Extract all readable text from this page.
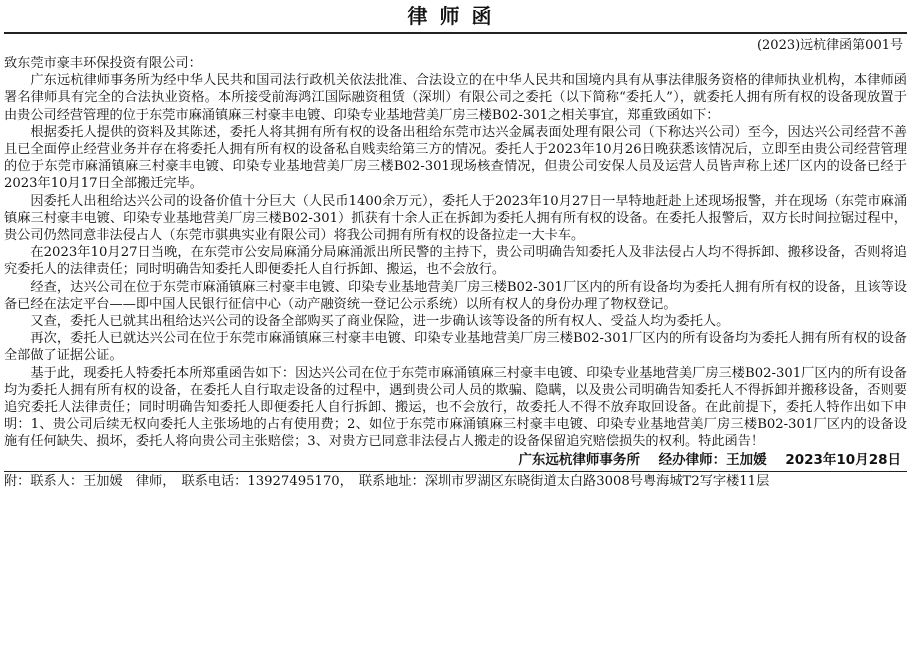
律师函
(2023)远杭律函第001号

致东莞市豪丰环保投资有限公司：

广东远杭律师事务所为经中华人民共和国司法行政机关依法批准、合法设立的在中华人民共和国境内具有从事法律服务资格的律师执业机构，本律师函署名律师具有完全的合法执业资格。本所接受前海鸿江国际融资租赁（深圳）有限公司之委托（以下简称“委托人”），就委托人拥有所有权的设备现放置于由贵公司经营管理的位于东莞市麻涌镇麻三村豪丰电镀、印染专业基地营美厂房三楼B02-301之相关事宜，郑重致函如下：

根据委托人提供的资料及其陈述，委托人将其拥有所有权的设备出租给东莞市达兴金属表面处理有限公司（下称达兴公司）至今，因达兴公司经营不善且已全面停止经营业务并存在将委托人拥有所有权的设备私自贱卖给第三方的情况。委托人于2023年10月26日晚获悉该情况后，立即至由贵公司经营管理的位于东莞市麻涌镇麻三村豪丰电镀、印染专业基地营美厂房三楼B02-301现场核查情况，但贵公司安保人员及运营人员皆声称上述厂区内的设备已经于2023年10月17日全部搬迁完毕。

因委托人出租给达兴公司的设备价值十分巨大（人民币1400余万元），委托人于2023年10月27日一早特地赶赴上述现场报警，并在现场（东莞市麻涌镇麻三村豪丰电镀、印染专业基地营美厂房三楼B02-301）抓获有十余人正在拆卸为委托人拥有所有权的设备。在委托人报警后，双方长时间拉锯过程中，贵公司仍然同意非法侵占人（东莞市骐典实业有限公司）将我公司拥有所有权的设备拉走一大卡车。

在2023年10月27日当晚，在东莞市公安局麻涌分局麻涌派出所民警的主持下，贵公司明确告知委托人及非法侵占人均不得拆卸、搬移设备，否则将追究委托人的法律责任；同时明确告知委托人即便委托人自行拆卸、搬运，也不会放行。

经查，达兴公司在位于东莞市麻涌镇麻三村豪丰电镀、印染专业基地营美厂房三楼B02-301厂区内的所有设备均为委托人拥有所有权的设备，且该等设备已经在法定平台——即中国人民银行征信中心（动产融资统一登记公示系统）以所有权人的身份办理了物权登记。

又查，委托人已就其出租给达兴公司的设备全部购买了商业保险，进一步确认该等设备的所有权人、受益人均为委托人。

再次，委托人已就达兴公司在位于东莞市麻涌镇麻三村豪丰电镀、印染专业基地营美厂房三楼B02-301厂区内的所有设备均为委托人拥有所有权的设备全部做了证据公证。

基于此，现委托人特委托本所郑重函告如下：因达兴公司在位于东莞市麻涌镇麻三村豪丰电镀、印染专业基地营美厂房三楼B02-301厂区内的所有设备均为委托人拥有所有权的设备，在委托人自行取走设备的过程中，遇到贵公司人员的欺骗、隐瞒，以及贵公司明确告知委托人不得拆卸并搬移设备，否则要追究委托人法律责任；同时明确告知委托人即便委托人自行拆卸、搬运，也不会放行，故委托人不得不放弃取回设备。在此前提下，委托人特作出如下申明：1、贵公司后续无权向委托人主张场地的占有使用费；2、如位于东莞市麻涌镇麻三村豪丰电镀、印染专业基地营美厂房三楼B02-301厂区内的设备设施有任何缺失、损坏，委托人将向贵公司主张赔偿；3、对贵方已同意非法侵占人搬走的设备保留追究赔偿损失的权利。特此函告！

广东远杭律师事务所 经办律师：王加媛 2023年10月28日
附：联系人：王加媛　律师， 联系电话：13927495170， 联系地址：深圳市罗湖区东晓街道太白路3008号粤海城T2写字楼11层
